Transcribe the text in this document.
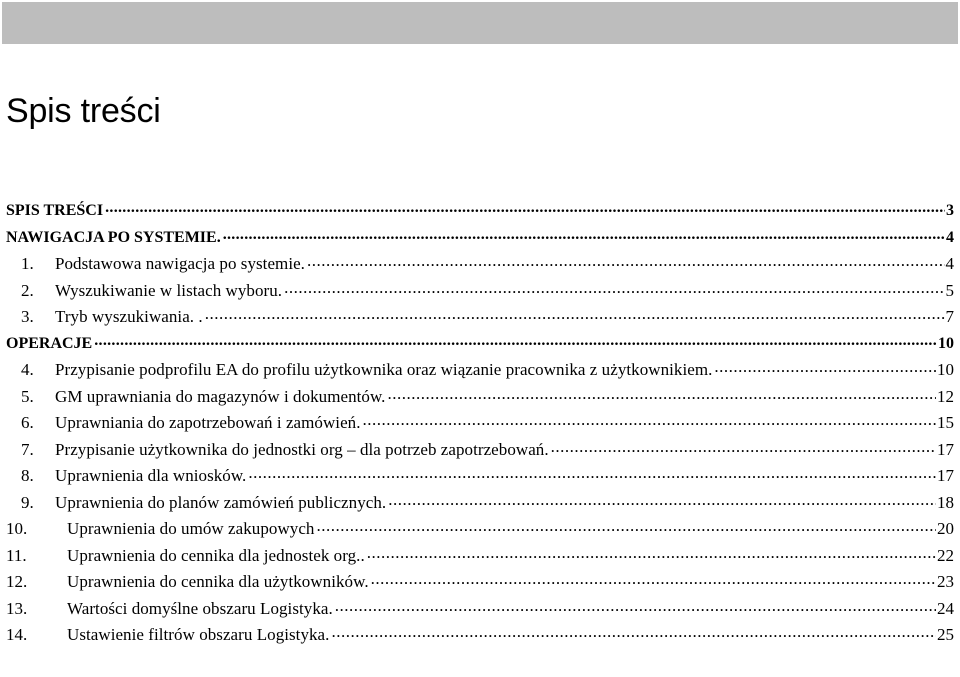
Spis treści
SPIS TREŚCI .....	3
NAWIGACJA PO SYSTEMIE. .....	4
1.	Podstawowa nawigacja po systemie. .....	4
2.	Wyszukiwanie w listach wyboru. .....	5
3.	Tryb wyszukiwania. . .....	7
OPERACJE .....	10
4.	Przypisanie podprofilu EA do profilu użytkownika oraz wiązanie pracownika z użytkownikiem. .....	10
5.	GM uprawniania do magazynów i dokumentów. .....	12
6.	Uprawniania do zapotrzebowań i zamówień. .....	15
7.	Przypisanie użytkownika do jednostki org – dla potrzeb zapotrzebowań. .....	17
8.	Uprawnienia dla wniosków. .....	17
9.	Uprawnienia do planów zamówień publicznych. .....	18
10.	Uprawnienia do umów zakupowych .....	20
11.	Uprawnienia do cennika dla jednostek org.. .....	22
12.	Uprawnienia do cennika dla użytkowników. .....	23
13.	Wartości domyślne obszaru Logistyka. .....	24
14.	Ustawienie filtrów obszaru Logistyka. .....	25
